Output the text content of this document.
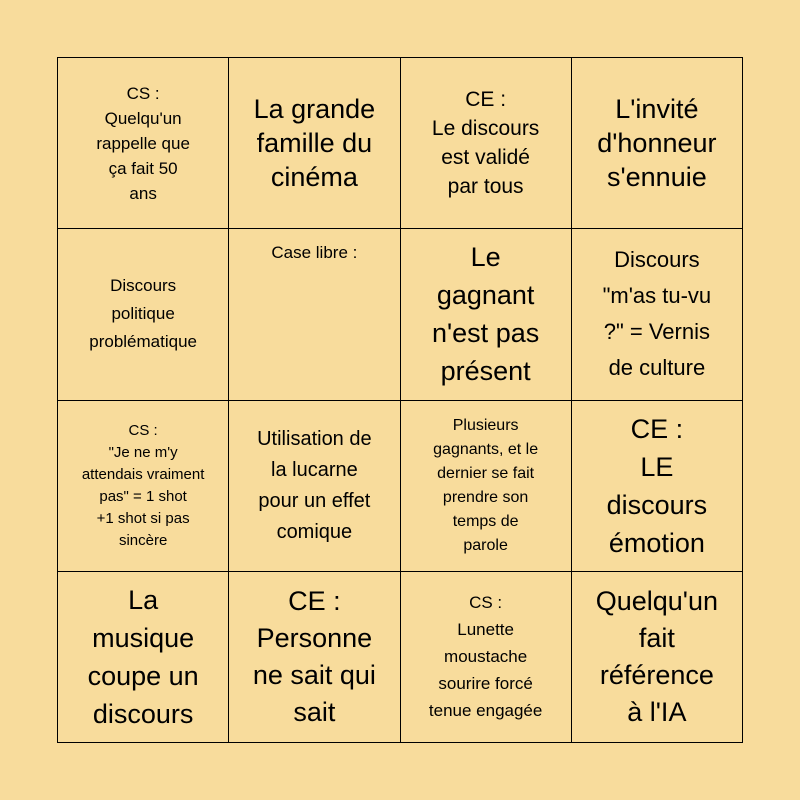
CS :
Quelqu'un
rappelle que
ça fait 50
ans
La grande
famille du
cinéma
CE :
Le discours
est validé
par tous
L'invité
d'honneur
s'ennuie
Discours
politique
problématique
Case libre :	Le
gagnant
n'est pas
présent
Discours
"m'as tu-vu
?" = Vernis
de culture
CS :
"Je ne m'y
attendais vraiment
pas" = 1 shot
+1 shot si pas
sincère
Utilisation de
la lucarne
pour un effet
comique
Plusieurs
gagnants, et le
dernier se fait
prendre son
temps de
parole
CE :
LE
discours
émotion
La
musique
coupe un
discours
CE :
Personne
ne sait qui
sait
CS :
Lunette
moustache
sourire forcé
tenue engagée
Quelqu'un
fait
référence
à l'IA
